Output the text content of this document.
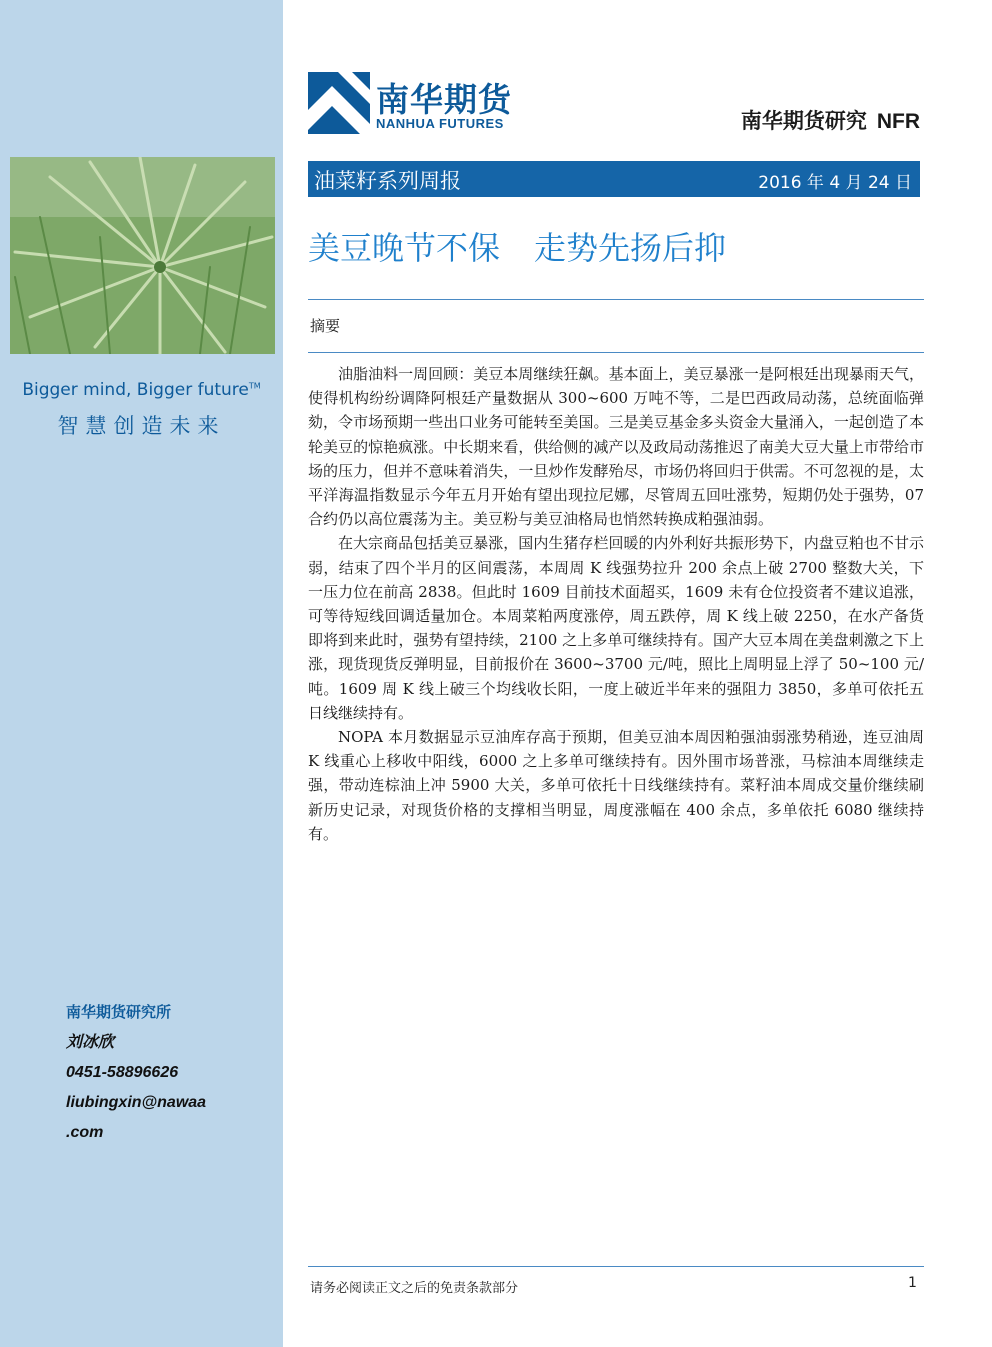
Bigger mind, Bigger future™
智慧创造未来
南华期货研究所
刘冰欣
0451-58896626
liubingxin@nawaa
.com
南华期货
NANHUA FUTURES	南华期货研究 NFR
油菜籽系列周报	2016 年 4 月 24 日
美豆晚节不保 走势先扬后抑
摘要

油脂油料一周回顾：美豆本周继续狂飙。基本面上，美豆暴涨一是阿根廷出现暴雨天气，使得机构纷纷调降阿根廷产量数据从 300~600 万吨不等，二是巴西政局动荡，总统面临弹劾，令市场预期一些出口业务可能转至美国。三是美豆基金多头资金大量涌入，一起创造了本轮美豆的惊艳疯涨。中长期来看，供给侧的减产以及政局动荡推迟了南美大豆大量上市带给市场的压力，但并不意味着消失，一旦炒作发酵殆尽，市场仍将回归于供需。不可忽视的是，太平洋海温指数显示今年五月开始有望出现拉尼娜，尽管周五回吐涨势，短期仍处于强势，07 合约仍以高位震荡为主。美豆粉与美豆油格局也悄然转换成粕强油弱。

在大宗商品包括美豆暴涨，国内生猪存栏回暖的内外利好共振形势下，内盘豆粕也不甘示弱，结束了四个半月的区间震荡，本周周 K 线强势拉升 200 余点上破 2700 整数大关，下一压力位在前高 2838。但此时 1609 目前技术面超买，1609 未有仓位投资者不建议追涨，可等待短线回调适量加仓。本周菜粕两度涨停，周五跌停，周 K 线上破 2250，在水产备货即将到来此时，强势有望持续，2100 之上多单可继续持有。国产大豆本周在美盘刺激之下上涨，现货现货反弹明显，目前报价在 3600~3700 元/吨，照比上周明显上浮了 50~100 元/吨。1609 周 K 线上破三个均线收长阳，一度上破近半年来的强阻力 3850，多单可依托五日线继续持有。

NOPA 本月数据显示豆油库存高于预期，但美豆油本周因粕强油弱涨势稍逊，连豆油周 K 线重心上移收中阳线，6000 之上多单可继续持有。因外围市场普涨，马棕油本周继续走强，带动连棕油上冲 5900 大关，多单可依托十日线继续持有。菜籽油本周成交量价继续刷新历史记录，对现货价格的支撑相当明显，周度涨幅在 400 余点，多单依托 6080 继续持有。

请务必阅读正文之后的免责条款部分	1
